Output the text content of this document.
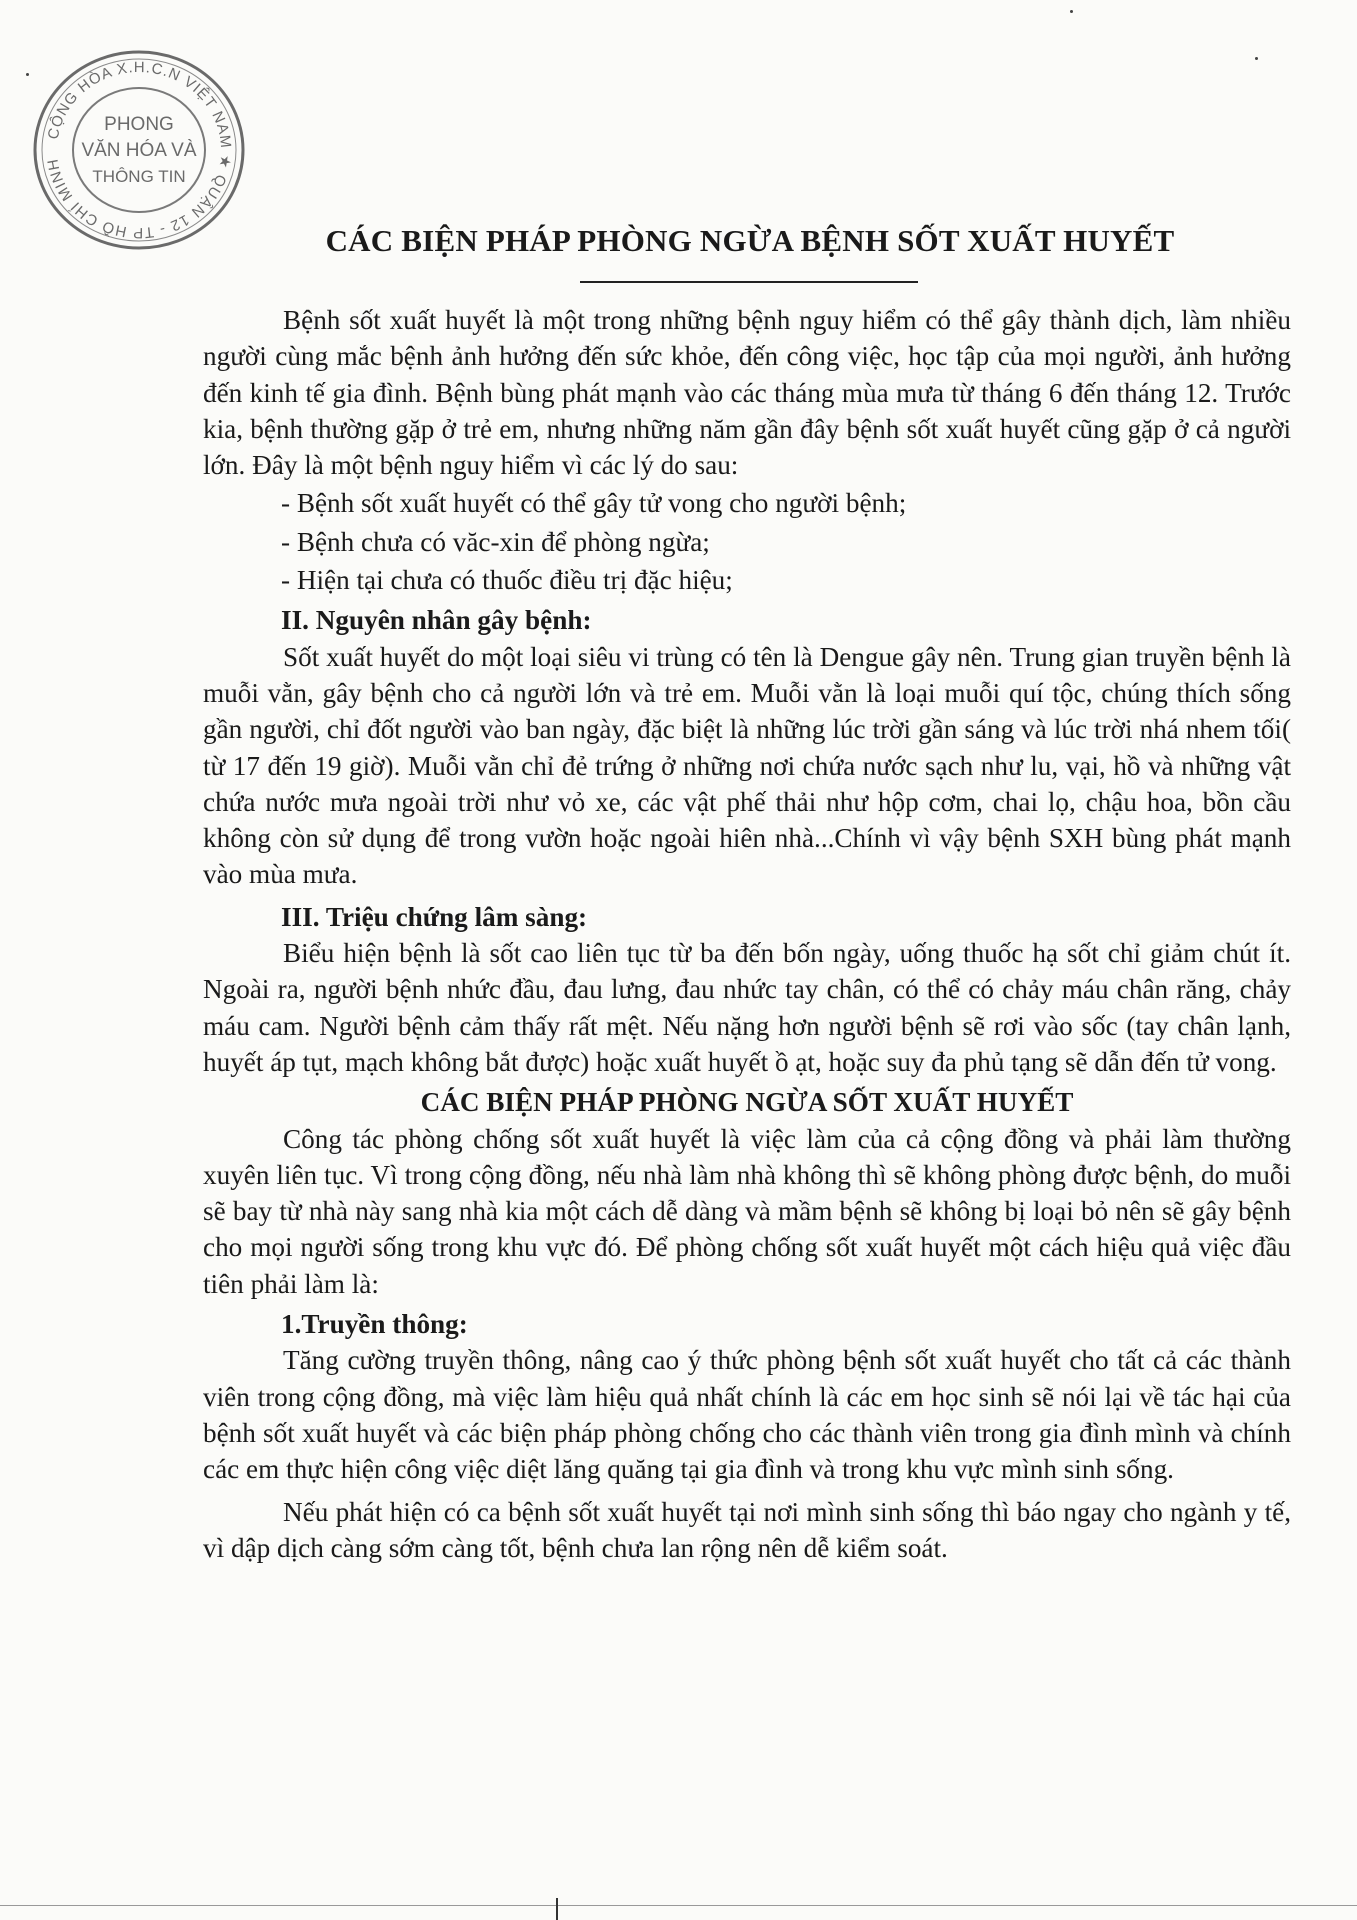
CỘNG HÒA X.H.C.N VIỆT NAM ★ QUẬN 12 - TP HỒ CHÍ MINH
PHONG
VĂN HÓA VÀ
THÔNG TIN
CÁC BIỆN PHÁP PHÒNG NGỪA BỆNH SỐT XUẤT HUYẾT

Bệnh sốt xuất huyết là một trong những bệnh nguy hiểm có thể gây thành dịch, làm nhiều người cùng mắc bệnh ảnh hưởng đến sức khỏe, đến công việc, học tập của mọi người, ảnh hưởng đến kinh tế gia đình. Bệnh bùng phát mạnh vào các tháng mùa mưa từ tháng 6 đến tháng 12. Trước kia, bệnh thường gặp ở trẻ em, nhưng những năm gần đây bệnh sốt xuất huyết cũng gặp ở cả người lớn. Đây là một bệnh nguy hiểm vì các lý do sau:

- Bệnh sốt xuất huyết có thể gây tử vong cho người bệnh;

- Bệnh chưa có văc-xin để phòng ngừa;

- Hiện tại chưa có thuốc điều trị đặc hiệu;

II. Nguyên nhân gây bệnh:

Sốt xuất huyết do một loại siêu vi trùng có tên là Dengue gây nên. Trung gian truyền bệnh là muỗi vằn, gây bệnh cho cả người lớn và trẻ em. Muỗi vằn là loại muỗi quí tộc, chúng thích sống gần người, chỉ đốt người vào ban ngày, đặc biệt là những lúc trời gần sáng và lúc trời nhá nhem tối( từ 17 đến 19 giờ). Muỗi vằn chỉ đẻ trứng ở những nơi chứa nước sạch như lu, vại, hồ và những vật chứa nước mưa ngoài trời như vỏ xe, các vật phế thải như hộp cơm, chai lọ, chậu hoa, bồn cầu không còn sử dụng để trong vườn hoặc ngoài hiên nhà...Chính vì vậy bệnh SXH bùng phát mạnh vào mùa mưa.

III. Triệu chứng lâm sàng:

Biểu hiện bệnh là sốt cao liên tục từ ba đến bốn ngày, uống thuốc hạ sốt chỉ giảm chút ít. Ngoài ra, người bệnh nhức đầu, đau lưng, đau nhức tay chân, có thể có chảy máu chân răng, chảy máu cam. Người bệnh cảm thấy rất mệt. Nếu nặng hơn người bệnh sẽ rơi vào sốc (tay chân lạnh, huyết áp tụt, mạch không bắt được) hoặc xuất huyết ồ ạt, hoặc suy đa phủ tạng sẽ dẫn đến tử vong.

CÁC BIỆN PHÁP PHÒNG NGỪA SỐT XUẤT HUYẾT

Công tác phòng chống sốt xuất huyết là việc làm của cả cộng đồng và phải làm thường xuyên liên tục. Vì trong cộng đồng, nếu nhà làm nhà không thì sẽ không phòng được bệnh, do muỗi sẽ bay từ nhà này sang nhà kia một cách dễ dàng và mầm bệnh sẽ không bị loại bỏ nên sẽ gây bệnh cho mọi người sống trong khu vực đó. Để phòng chống sốt xuất huyết một cách hiệu quả việc đầu tiên phải làm là:

1.Truyền thông:

Tăng cường truyền thông, nâng cao ý thức phòng bệnh sốt xuất huyết cho tất cả các thành viên trong cộng đồng, mà việc làm hiệu quả nhất chính là các em học sinh sẽ nói lại về tác hại của bệnh sốt xuất huyết và các biện pháp phòng chống cho các thành viên trong gia đình mình và chính các em thực hiện công việc diệt lăng quăng tại gia đình và trong khu vực mình sinh sống.

Nếu phát hiện có ca bệnh sốt xuất huyết tại nơi mình sinh sống thì báo ngay cho ngành y tế, vì dập dịch càng sớm càng tốt, bệnh chưa lan rộng nên dễ kiểm soát.
